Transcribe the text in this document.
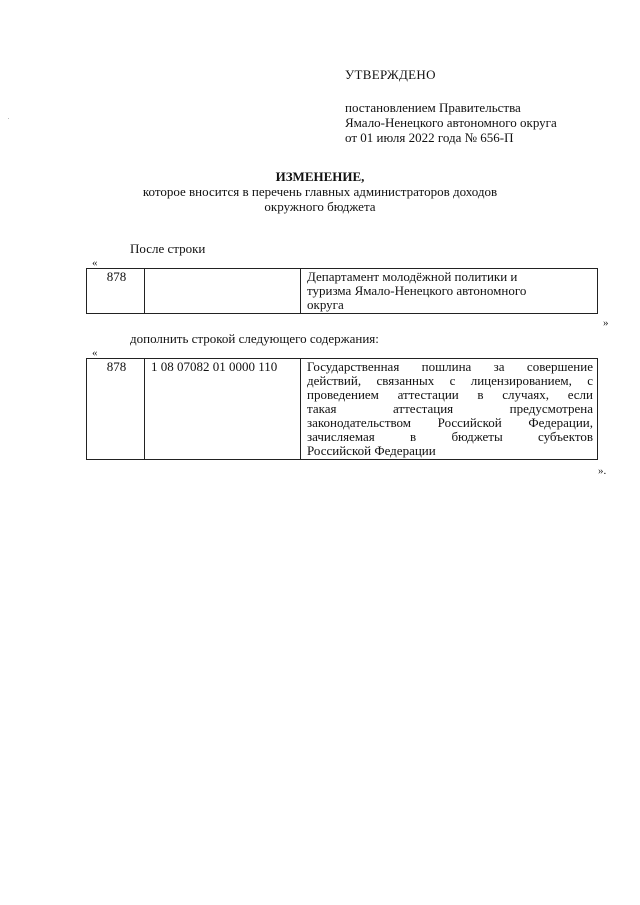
УТВЕРЖДЕНО
постановлением Правительства
Ямало-Ненецкого автономного округа
от 01 июля 2022 года № 656-П
ИЗМЕНЕНИЕ,
которое вносится в перечень главных администраторов доходов
окружного бюджета
После строки
«
878		Департамент молодёжной политики и
туризма Ямало-Ненецкого автономного
округа
»
дополнить строкой следующего содержания:
«
878	1 08 07082 01 0000 110	Государственная пошлина за совершение
действий, связанных с лицензированием, с
проведением аттестации в случаях, если
такая аттестация предусмотрена
законодательством Российской Федерации,
зачисляемая в бюджеты субъектов
Российской Федерации
».
